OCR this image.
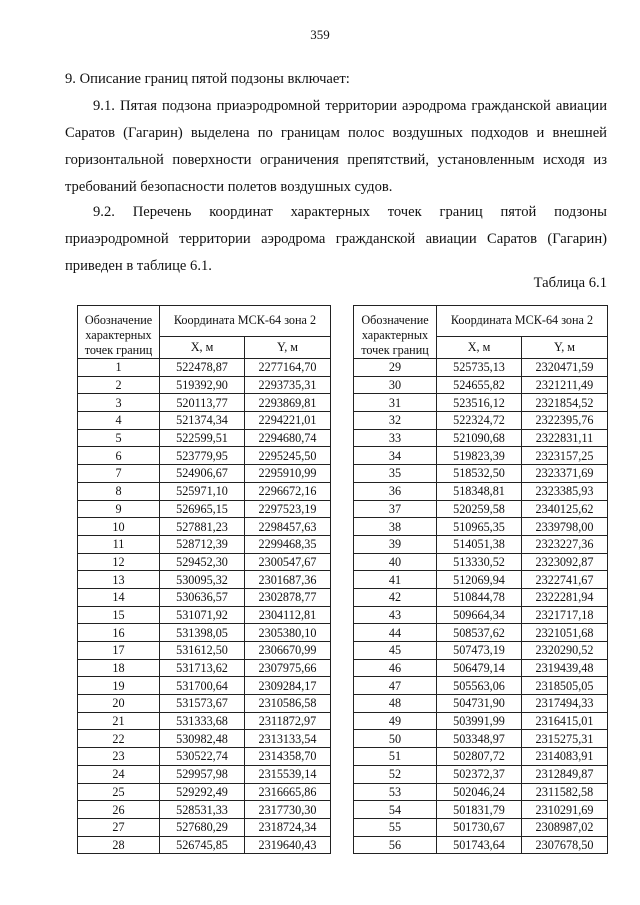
359

9. Описание границ пятой подзоны включает:

9.1. Пятая подзона приаэродромной территории аэродрома гражданской авиации Саратов (Гагарин) выделена по границам полос воздушных подходов и внешней горизонтальной поверхности ограничения препятствий, установленным исходя из требований безопасности полетов воздушных судов.

9.2. Перечень координат характерных точек границ пятой подзоны приаэродромной территории аэродрома гражданской авиации Саратов (Гагарин) приведен в таблице 6.1.

Таблица 6.1
Обозначение характерных точек границ	Координата МСК-64 зона 2	
	X, м	Y, м
1	522478,87	2277164,70
2	519392,90	2293735,31
3	520113,77	2293869,81
4	521374,34	2294221,01
5	522599,51	2294680,74
6	523779,95	2295245,50
7	524906,67	2295910,99
8	525971,10	2296672,16
9	526965,15	2297523,19
10	527881,23	2298457,63
11	528712,39	2299468,35
12	529452,30	2300547,67
13	530095,32	2301687,36
14	530636,57	2302878,77
15	531071,92	2304112,81
16	531398,05	2305380,10
17	531612,50	2306670,99
18	531713,62	2307975,66
19	531700,64	2309284,17
20	531573,67	2310586,58
21	531333,68	2311872,97
22	530982,48	2313133,54
23	530522,74	2314358,70
24	529957,98	2315539,14
25	529292,49	2316665,86
26	528531,33	2317730,30
27	527680,29	2318724,34
28	526745,85	2319640,43
Обозначение характерных точек границ	Координата МСК-64 зона 2	
	X, м	Y, м
29	525735,13	2320471,59
30	524655,82	2321211,49
31	523516,12	2321854,52
32	522324,72	2322395,76
33	521090,68	2322831,11
34	519823,39	2323157,25
35	518532,50	2323371,69
36	518348,81	2323385,93
37	520259,58	2340125,62
38	510965,35	2339798,00
39	514051,38	2323227,36
40	513330,52	2323092,87
41	512069,94	2322741,67
42	510844,78	2322281,94
43	509664,34	2321717,18
44	508537,62	2321051,68
45	507473,19	2320290,52
46	506479,14	2319439,48
47	505563,06	2318505,05
48	504731,90	2317494,33
49	503991,99	2316415,01
50	503348,97	2315275,31
51	502807,72	2314083,91
52	502372,37	2312849,87
53	502046,24	2311582,58
54	501831,79	2310291,69
55	501730,67	2308987,02
56	501743,64	2307678,50
